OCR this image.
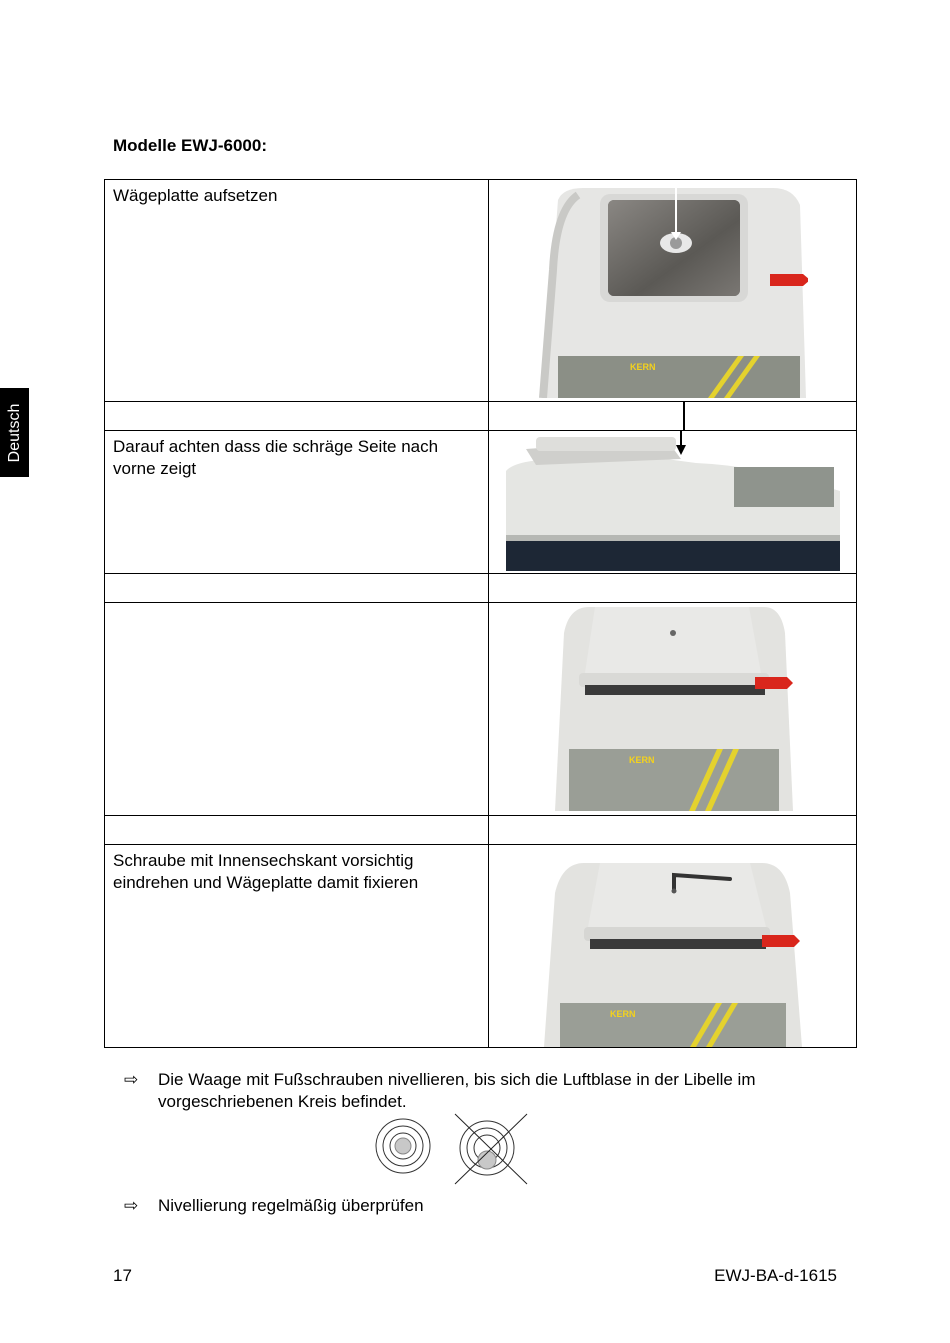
Deutsch
Modelle EWJ-6000:
Wägeplatte aufsetzen	KERN

Darauf achten dass die schräge Seite nach vorne zeigt	

KERN

Schraube mit Innensechskant vorsichtig eindrehen und Wägeplatte damit fixieren	KERN
⇨ Die Waage mit Fußschrauben nivellieren, bis sich die Luftblase in der Libelle im vorgeschriebenen Kreis befindet.
⇨ Nivellierung regelmäßig überprüfen
17	EWJ-BA-d-1615
